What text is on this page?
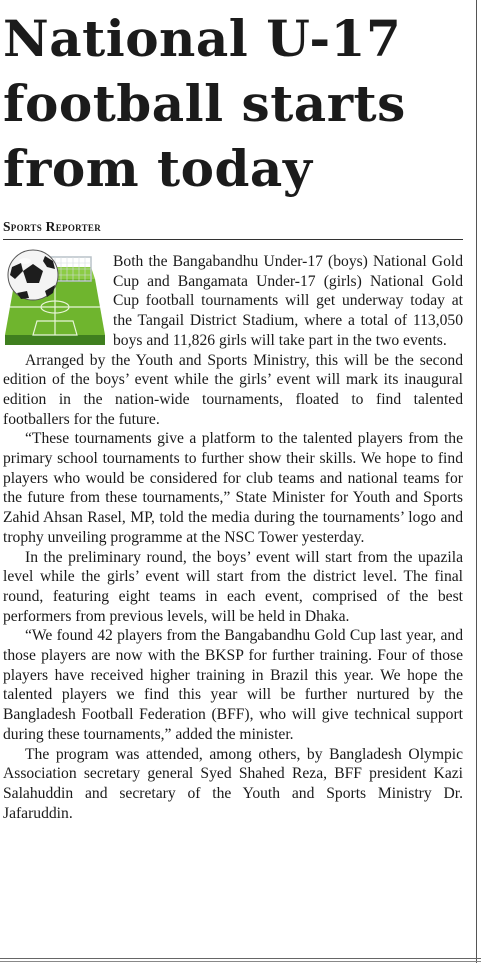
National U-17 football starts from today
Sports Reporter

Both the Bangabandhu Under-17 (boys) National Gold Cup and Bangamata Under-17 (girls) National Gold Cup football tournaments will get underway today at the Tangail District Stadium, where a total of 113,050 boys and 11,826 girls will take part in the two events.

Arranged by the Youth and Sports Ministry, this will be the second edition of the boys’ event while the girls’ event will mark its inaugural edition in the nation-wide tournaments, floated to find talented footballers for the future.

“These tournaments give a platform to the talented players from the primary school tournaments to further show their skills. We hope to find players who would be considered for club teams and national teams for the future from these tournaments,” State Minister for Youth and Sports Zahid Ahsan Rasel, MP, told the media during the tournaments’ logo and trophy unveiling programme at the NSC Tower yesterday.

In the preliminary round, the boys’ event will start from the upazila level while the girls’ event will start from the district level. The final round, featuring eight teams in each event, comprised of the best performers from previous levels, will be held in Dhaka.

“We found 42 players from the Bangabandhu Gold Cup last year, and those players are now with the BKSP for further training. Four of those players have received higher training in Brazil this year. We hope the talented players we find this year will be further nurtured by the Bangladesh Football Federation (BFF), who will give technical support during these tournaments,” added the minister.

The program was attended, among others, by Bangladesh Olympic Association secretary general Syed Shahed Reza, BFF president Kazi Salahuddin and secretary of the Youth and Sports Ministry Dr. Jafaruddin.
